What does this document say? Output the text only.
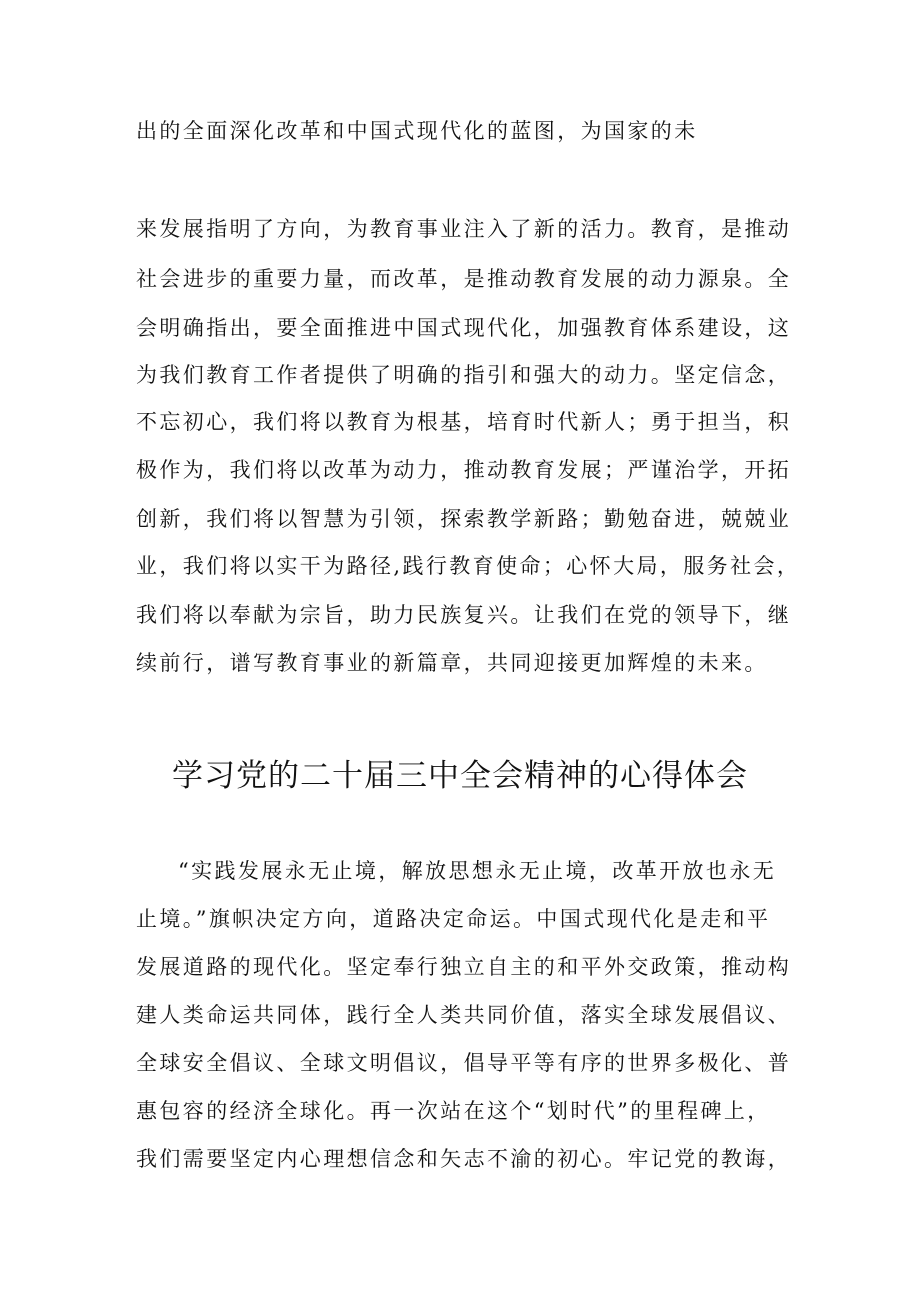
出的全面深化改革和中国式现代化的蓝图，为国家的未
来发展指明了方向，为教育事业注入了新的活力。教育，是推动
社会进步的重要力量，而改革，是推动教育发展的动力源泉。全
会明确指出，要全面推进中国式现代化，加强教育体系建设，这
为我们教育工作者提供了明确的指引和强大的动力。坚定信念，
不忘初心，我们将以教育为根基，培育时代新人；勇于担当，积
极作为，我们将以改革为动力，推动教育发展；严谨治学，开拓
创新，我们将以智慧为引领，探索教学新路；勤勉奋进，兢兢业
业，我们将以实干为路径,践行教育使命；心怀大局，服务社会，
我们将以奉献为宗旨，助力民族复兴。让我们在党的领导下，继
续前行，谱写教育事业的新篇章，共同迎接更加辉煌的未来。
学习党的二十届三中全会精神的心得体会
“实践发展永无止境，解放思想永无止境，改革开放也永无
止境。”旗帜决定方向，道路决定命运。中国式现代化是走和平
发展道路的现代化。坚定奉行独立自主的和平外交政策，推动构
建人类命运共同体，践行全人类共同价值，落实全球发展倡议、
全球安全倡议、全球文明倡议，倡导平等有序的世界多极化、普
惠包容的经济全球化。再一次站在这个“划时代”的里程碑上，
我们需要坚定内心理想信念和矢志不渝的初心。牢记党的教诲，
